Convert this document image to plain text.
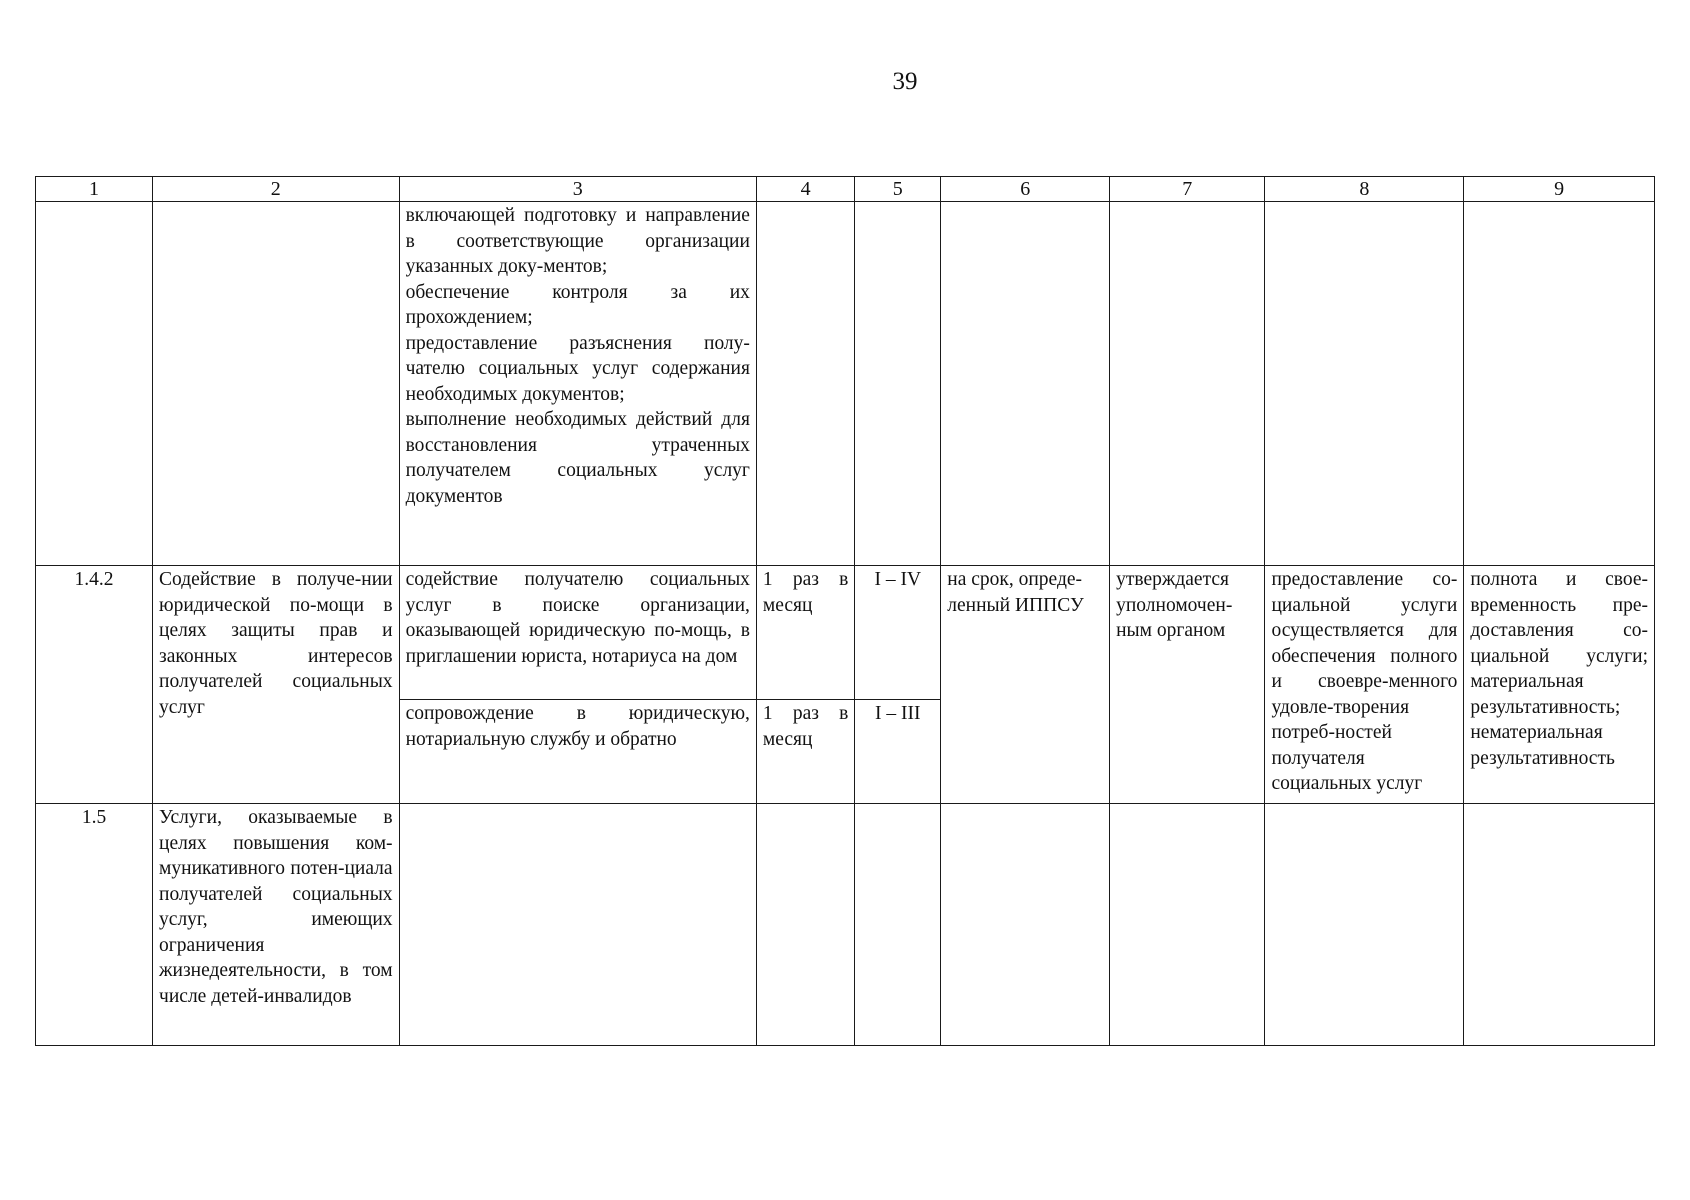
39
1	2	3	4	5	6	7	8	9

		включающей подготовку и направление в соответствующие организации указанных доку-ментов;
обеспечение контроля за их прохождением;
предоставление разъяснения полу-чателю социальных услуг содержания необходимых документов;
выполнение необходимых действий для восстановления утраченных получателем социальных услуг документов						

1.4.2	Содействие в получе-нии юридической по-мощи в целях защиты прав и законных интересов получателей социальных услуг	содействие получателю социальных услуг в поиске организации, оказывающей юридическую по-мощь, в приглашении юриста, нотариуса на дом	1 раз в месяц	I – IV	на срок, опреде-ленный ИППСУ	утверждается уполномочен-ным органом	предоставление со-циальной услуги осуществляется для обеспечения полного и своевре-менного удовле-творения потреб-ностей получателя социальных услуг	полнота и свое-временность пре-доставления со-циальной услуги; материальная результативность; нематериальная результативность
		сопровождение в юридическую, нотариальную службу и обратно	1 раз в месяц	I – III				
1.5	Услуги, оказываемые в целях повышения ком-муникативного потен-циала получателей социальных услуг, имеющих ограничения жизнедеятельности, в том числе детей-инвалидов							
